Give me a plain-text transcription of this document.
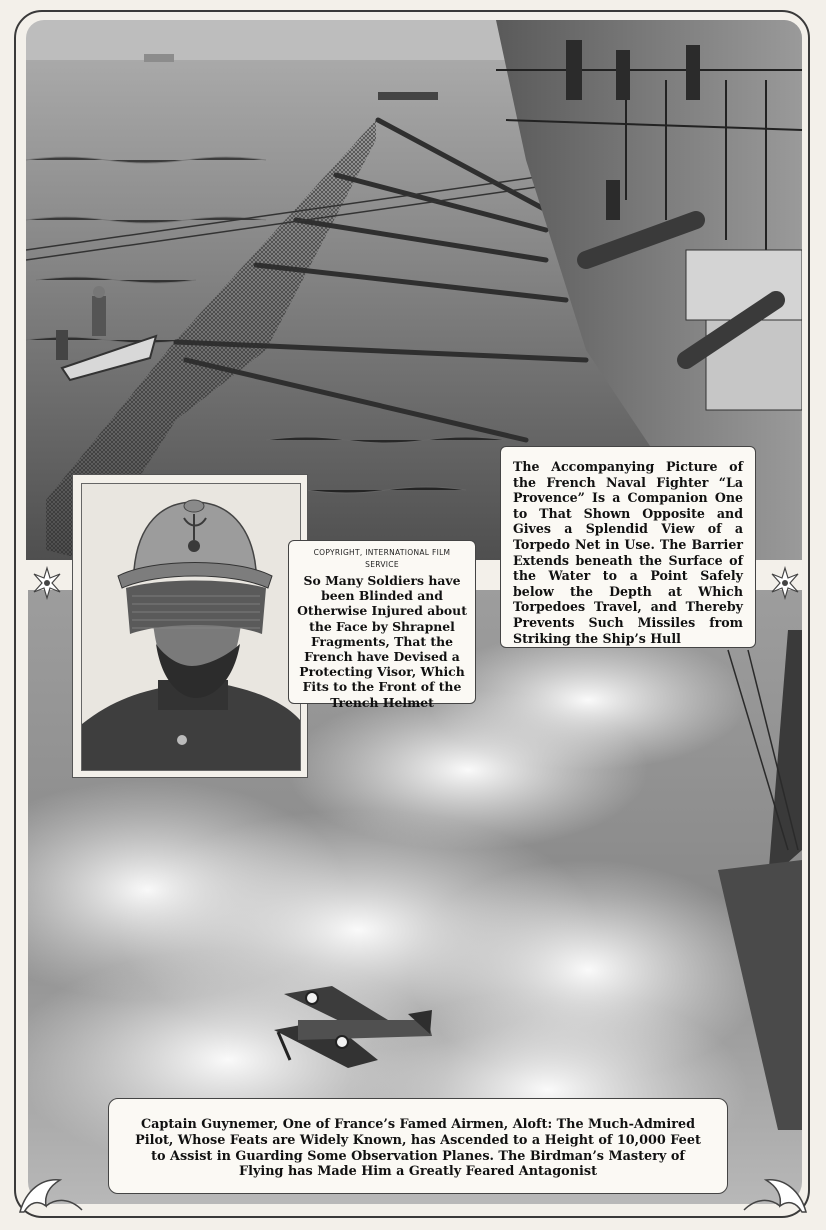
COPYRIGHT, INTERNATIONAL FILM SERVICE
So Many Soldiers have been Blinded and Otherwise Injured about the Face by Shrapnel Fragments, That the French have Devised a Protecting Visor, Which Fits to the Front of the Trench Helmet
The Accompanying Picture of the French Naval Fighter “La Provence” Is a Companion One to That Shown Opposite and Gives a Splendid View of a Torpedo Net in Use. The Barrier Extends beneath the Surface of the Water to a Point Safely below the Depth at Which Torpedoes Travel, and Thereby Prevents Such Missiles from Striking the Ship’s Hull
Captain Guynemer, One of France’s Famed Airmen, Aloft: The Much-Admired Pilot, Whose Feats are Widely Known, has Ascended to a Height of 10,000 Feet to Assist in Guarding Some Observation Planes. The Birdman’s Mastery of Flying has Made Him a Greatly Feared Antagonist
